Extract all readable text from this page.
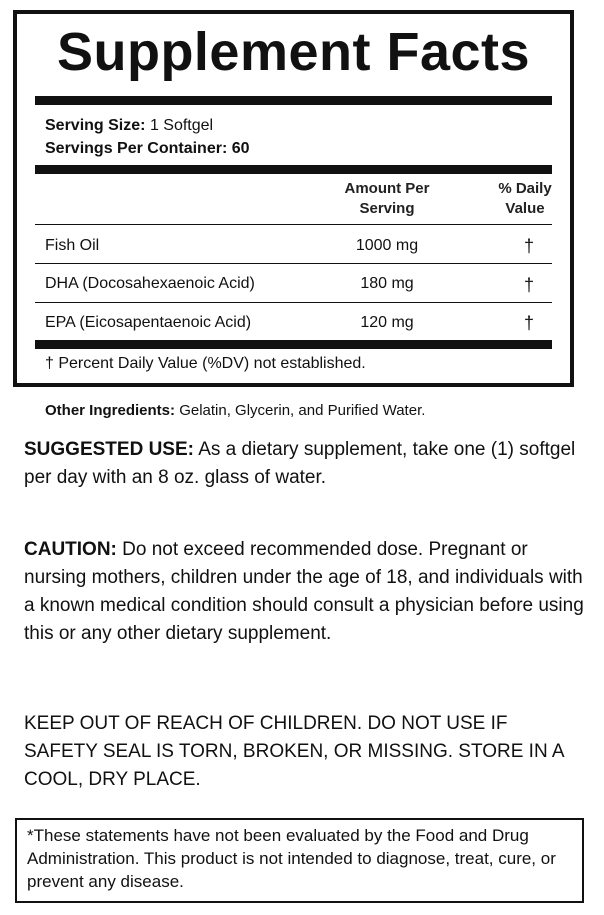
Supplement Facts
Serving Size: 1 Softgel
Servings Per Container: 60
Amount Per
Serving
% Daily
Value
Fish Oil	1000 mg	†
DHA (Docosahexaenoic Acid)	180 mg	†
EPA (Eicosapentaenoic Acid)	120 mg	†
† Percent Daily Value (%DV) not established.
Other Ingredients: Gelatin, Glycerin, and Purified Water.
SUGGESTED USE: As a dietary supplement, take one (1) softgel per day with an 8 oz. glass of water.
CAUTION: Do not exceed recommended dose. Pregnant or nursing mothers, children under the age of 18, and individuals with a known medical condition should consult a physician before using this or any other dietary supplement.
KEEP OUT OF REACH OF CHILDREN. DO NOT USE IF SAFETY SEAL IS TORN, BROKEN, OR MISSING. STORE IN A COOL, DRY PLACE.
*These statements have not been evaluated by the Food and Drug Administration. This product is not intended to diagnose, treat, cure, or prevent any disease.
